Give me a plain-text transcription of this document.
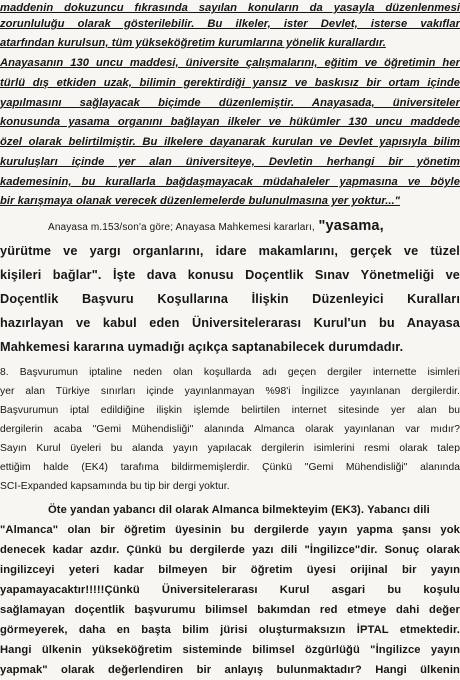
maddenin dokuzuncu fıkrasında sayılan konuların da yasayla düzenlenmesi
zorunluluğu olarak gösterilebilir. Bu ilkeler, ister Devlet, isterse vakıflar
atarfından kurulsun, tüm yükseköğretim kurumlarına yönelik kurallardır.
Anayasanın 130 uncu maddesi, üniversite çalışmalarını, eğitim ve öğretimin her
türlü dış etkiden uzak, bilimin gerektirdiği yansız ve baskısız bir ortam içinde
yapılmasını sağlayacak biçimde düzenlemiştir. Anayasada, üniversiteler
konusunda yasama organını bağlayan ilkeler ve hükümler 130 uncu maddede
özel olarak belirtilmiştir. Bu ilkelere dayanarak kurulan ve Devlet yapısıyla bilim
kuruluşları içinde yer alan üniversiteye, Devletin herhangi bir yönetim
kademesinin, bu kurallarla bağdaşmayacak müdahaleler yapmasına ve böyle
bir karışmaya olanak verecek düzenlemelerde bulunulmasına yer yoktur..."
Anayasa m.153/son'a göre; Anayasa Mahkemesi kararları, "yasama,
yürütme ve yargı organlarını, idare makamlarını, gerçek ve tüzel
kişileri bağlar". İşte dava konusu Doçentlik Sınav Yönetmeliği ve
Doçentlik Başvuru Koşullarına İlişkin Düzenleyici Kuralları
hazırlayan ve kabul eden Üniversitelerarası Kurul'un bu Anayasa
Mahkemesi kararına uymadığı açıkça saptanabilecek durumdadır.
8. Başvurumun iptaline neden olan koşullarda adı geçen dergiler internette isimleri
yer alan Türkiye sınırları içinde yayınlanmayan %98'i İngilizce yayınlanan dergilerdir.
Başvurumun iptal edildiğine ilişkin işlemde belirtilen internet sitesinde yer alan bu
dergilerin acaba "Gemi Mühendisliği" alanında Almanca olarak yayınlanan var mıdır?
Sayın Kurul üyeleri bu alanda yayın yapılacak dergilerin isimlerini resmi olarak talep
ettiğim halde (EK4) tarafıma bildirmemişlerdir. Çünkü "Gemi Mühendisliği" alanında
SCI-Expanded kapsamında bu tip bir dergi yoktur.
Öte yandan yabancı dil olarak Almanca bilmekteyim (EK3). Yabancı dili
"Almanca" olan bir öğretim üyesinin bu dergilerde yayın yapma şansı yok
denecek kadar azdır. Çünkü bu dergilerde yazı dili "İngilizce"dir. Sonuç olarak
ingilizceyi yeteri kadar bilmeyen bir öğretim üyesi orijinal bir yayın
yapamayacaktır!!!!!Çünkü Üniversitelerarası Kurul asgari bu koşulu
sağlamayan doçentlik başvurumu bilimsel bakımdan red etmeye dahi değer
görmeyerek, daha en başta bilim jürisi oluşturmaksızın İPTAL etmektedir.
Hangi ülkenin yükseköğretim sisteminde bilimsel özgürlüğü "İngilizce yayın
yapmak" olarak değerlendiren bir anlayış bulunmaktadır? Hangi ülkenin
